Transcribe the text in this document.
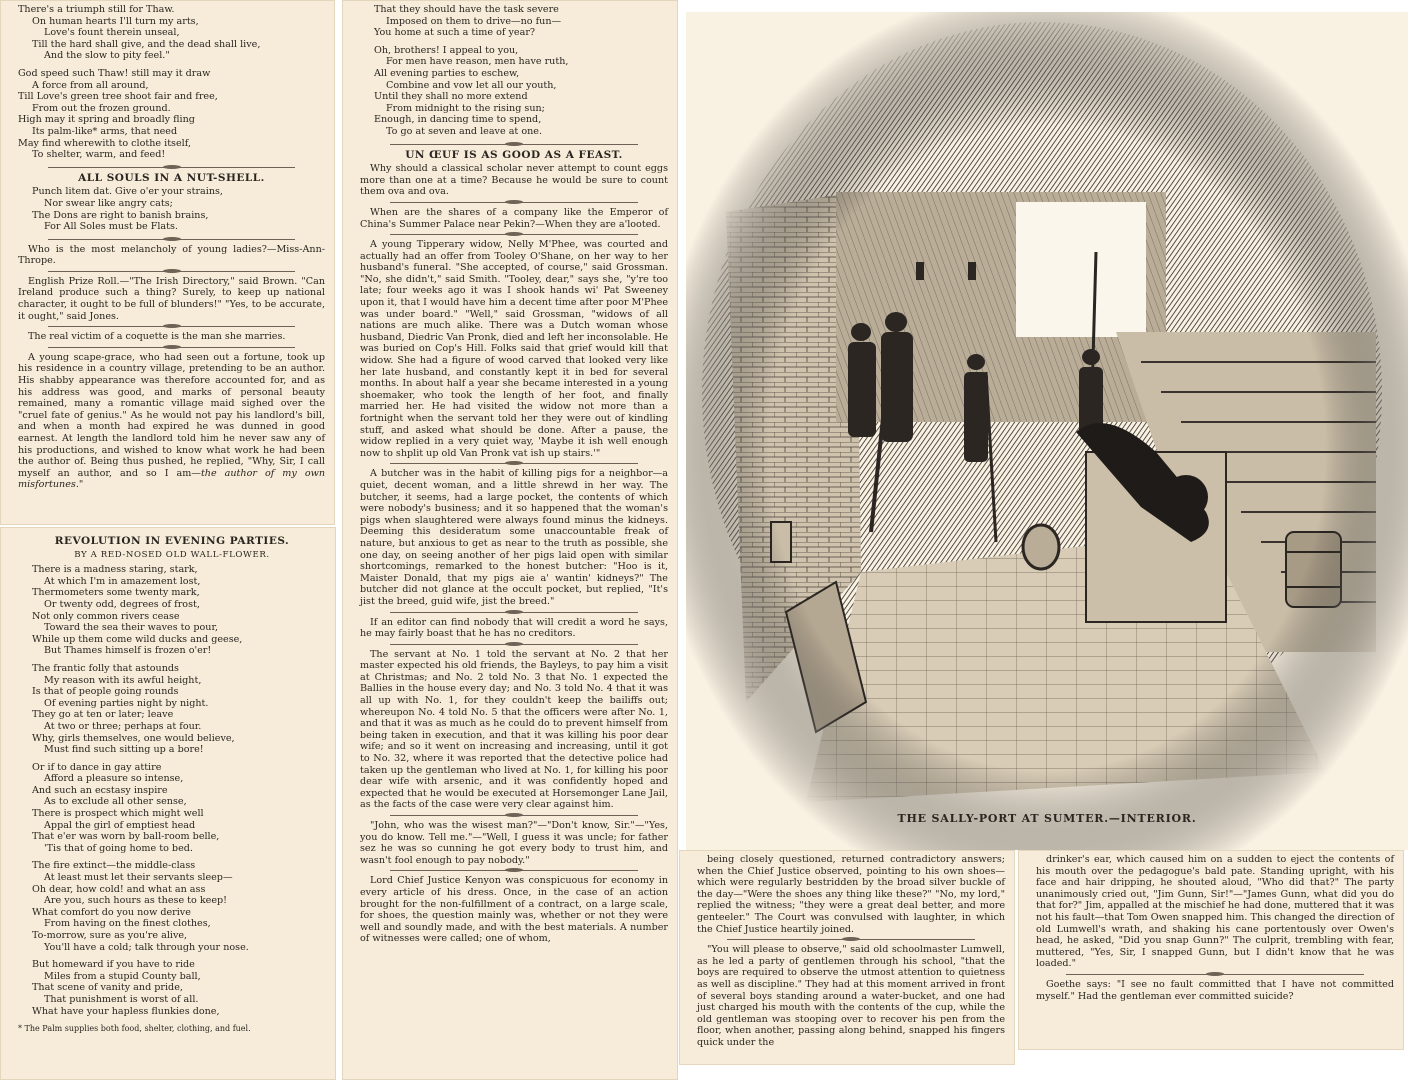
There's a triumph still for Thaw.
On human hearts I'll turn my arts,
Love's fount therein unseal,
Till the hard shall give, and the dead shall live,
And the slow to pity feel."
God speed such Thaw! still may it draw
A force from all around,
Till Love's green tree shoot fair and free,
From out the frozen ground.
High may it spring and broadly fling
Its palm-like* arms, that need
May find wherewith to clothe itself,
To shelter, warm, and feed!
ALL SOULS IN A NUT-SHELL.
Punch litem dat. Give o'er your strains,
Nor swear like angry cats;
The Dons are right to banish brains,
For All Soles must be Flats.

Who is the most melancholy of young ladies?—Miss-Ann-Thrope.

English Prize Roll.—"The Irish Directory," said Brown. "Can Ireland produce such a thing? Surely, to keep up national character, it ought to be full of blunders!" "Yes, to be accurate, it ought," said Jones.

The real victim of a coquette is the man she marries.

A young scape-grace, who had seen out a fortune, took up his residence in a country village, pretending to be an author. His shabby appearance was therefore accounted for, and as his address was good, and marks of personal beauty remained, many a romantic village maid sighed over the "cruel fate of genius." As he would not pay his landlord's bill, and when a month had expired he was dunned in good earnest. At length the landlord told him he never saw any of his productions, and wished to know what work he had been the author of. Being thus pushed, he replied, "Why, Sir, I call myself an author, and so I am—the author of my own misfortunes."

REVOLUTION IN EVENING PARTIES.
BY A RED-NOSED OLD WALL-FLOWER.
There is a madness staring, stark,
At which I'm in amazement lost,
Thermometers some twenty mark,
Or twenty odd, degrees of frost,
Not only common rivers cease
Toward the sea their waves to pour,
While up them come wild ducks and geese,
But Thames himself is frozen o'er!
The frantic folly that astounds
My reason with its awful height,
Is that of people going rounds
Of evening parties night by night.
They go at ten or later; leave
At two or three; perhaps at four.
Why, girls themselves, one would believe,
Must find such sitting up a bore!
Or if to dance in gay attire
Afford a pleasure so intense,
And such an ecstasy inspire
As to exclude all other sense,
There is prospect which might well
Appal the girl of emptiest head
That e'er was worn by ball-room belle,
'Tis that of going home to bed.
The fire extinct—the middle-class
At least must let their servants sleep—
Oh dear, how cold! and what an ass
Are you, such hours as these to keep!
What comfort do you now derive
From having on the finest clothes,
To-morrow, sure as you're alive,
You'll have a cold; talk through your nose.
But homeward if you have to ride
Miles from a stupid County ball,
That scene of vanity and pride,
That punishment is worst of all.
What have your hapless flunkies done,

* The Palm supplies both food, shelter, clothing, and fuel.

That they should have the task severe
Imposed on them to drive—no fun—
You home at such a time of year?
Oh, brothers! I appeal to you,
For men have reason, men have ruth,
All evening parties to eschew,
Combine and vow let all our youth,
Until they shall no more extend
From midnight to the rising sun;
Enough, in dancing time to spend,
To go at seven and leave at one.
UN ŒUF IS AS GOOD AS A FEAST.

Why should a classical scholar never attempt to count eggs more than one at a time? Because he would be sure to count them ova and ova.

When are the shares of a company like the Emperor of China's Summer Palace near Pekin?—When they are a'looted.

A young Tipperary widow, Nelly M'Phee, was courted and actually had an offer from Tooley O'Shane, on her way to her husband's funeral. "She accepted, of course," said Grossman. "No, she didn't," said Smith. "Tooley, dear," says she, "y're too late; four weeks ago it was I shook hands wi' Pat Sweeney upon it, that I would have him a decent time after poor M'Phee was under board." "Well," said Grossman, "widows of all nations are much alike. There was a Dutch woman whose husband, Diedric Van Pronk, died and left her inconsolable. He was buried on Cop's Hill. Folks said that grief would kill that widow. She had a figure of wood carved that looked very like her late husband, and constantly kept it in bed for several months. In about half a year she became interested in a young shoemaker, who took the length of her foot, and finally married her. He had visited the widow not more than a fortnight when the servant told her they were out of kindling stuff, and asked what should be done. After a pause, the widow replied in a very quiet way, 'Maybe it ish well enough now to shplit up old Van Pronk vat ish up stairs.'"

A butcher was in the habit of killing pigs for a neighbor—a quiet, decent woman, and a little shrewd in her way. The butcher, it seems, had a large pocket, the contents of which were nobody's business; and it so happened that the woman's pigs when slaughtered were always found minus the kidneys. Deeming this desideratum some unaccountable freak of nature, but anxious to get as near to the truth as possible, she one day, on seeing another of her pigs laid open with similar shortcomings, remarked to the honest butcher: "Hoo is it, Maister Donald, that my pigs aie a' wantin' kidneys?" The butcher did not glance at the occult pocket, but replied, "It's jist the breed, guid wife, jist the breed."

If an editor can find nobody that will credit a word he says, he may fairly boast that he has no creditors.

The servant at No. 1 told the servant at No. 2 that her master expected his old friends, the Bayleys, to pay him a visit at Christmas; and No. 2 told No. 3 that No. 1 expected the Ballies in the house every day; and No. 3 told No. 4 that it was all up with No. 1, for they couldn't keep the bailiffs out; whereupon No. 4 told No. 5 that the officers were after No. 1, and that it was as much as he could do to prevent himself from being taken in execution, and that it was killing his poor dear wife; and so it went on increasing and increasing, until it got to No. 32, where it was reported that the detective police had taken up the gentleman who lived at No. 1, for killing his poor dear wife with arsenic, and it was confidently hoped and expected that he would be executed at Horsemonger Lane Jail, as the facts of the case were very clear against him.

"John, who was the wisest man?"—"Don't know, Sir."—"Yes, you do know. Tell me."—"Well, I guess it was uncle; for father sez he was so cunning he got every body to trust him, and wasn't fool enough to pay nobody."

Lord Chief Justice Kenyon was conspicuous for economy in every article of his dress. Once, in the case of an action brought for the non-fulfillment of a contract, on a large scale, for shoes, the question mainly was, whether or not they were well and soundly made, and with the best materials. A number of witnesses were called; one of whom,

THE SALLY-PORT AT SUMTER.—INTERIOR.

being closely questioned, returned contradictory answers; when the Chief Justice observed, pointing to his own shoes—which were regularly bestridden by the broad silver buckle of the day—"Were the shoes any thing like these?" "No, my lord," replied the witness; "they were a great deal better, and more genteeler." The Court was convulsed with laughter, in which the Chief Justice heartily joined.

"You will please to observe," said old schoolmaster Lumwell, as he led a party of gentlemen through his school, "that the boys are required to observe the utmost attention to quietness as well as discipline." They had at this moment arrived in front of several boys standing around a water-bucket, and one had just charged his mouth with the contents of the cup, while the old gentleman was stooping over to recover his pen from the floor, when another, passing along behind, snapped his fingers quick under the

drinker's ear, which caused him on a sudden to eject the contents of his mouth over the pedagogue's bald pate. Standing upright, with his face and hair dripping, he shouted aloud, "Who did that?" The party unanimously cried out, "Jim Gunn, Sir!"—"James Gunn, what did you do that for?" Jim, appalled at the mischief he had done, muttered that it was not his fault—that Tom Owen snapped him. This changed the direction of old Lumwell's wrath, and shaking his cane portentously over Owen's head, he asked, "Did you snap Gunn?" The culprit, trembling with fear, muttered, "Yes, Sir, I snapped Gunn, but I didn't know that he was loaded."

Goethe says: "I see no fault committed that I have not committed myself." Had the gentleman ever committed suicide?
